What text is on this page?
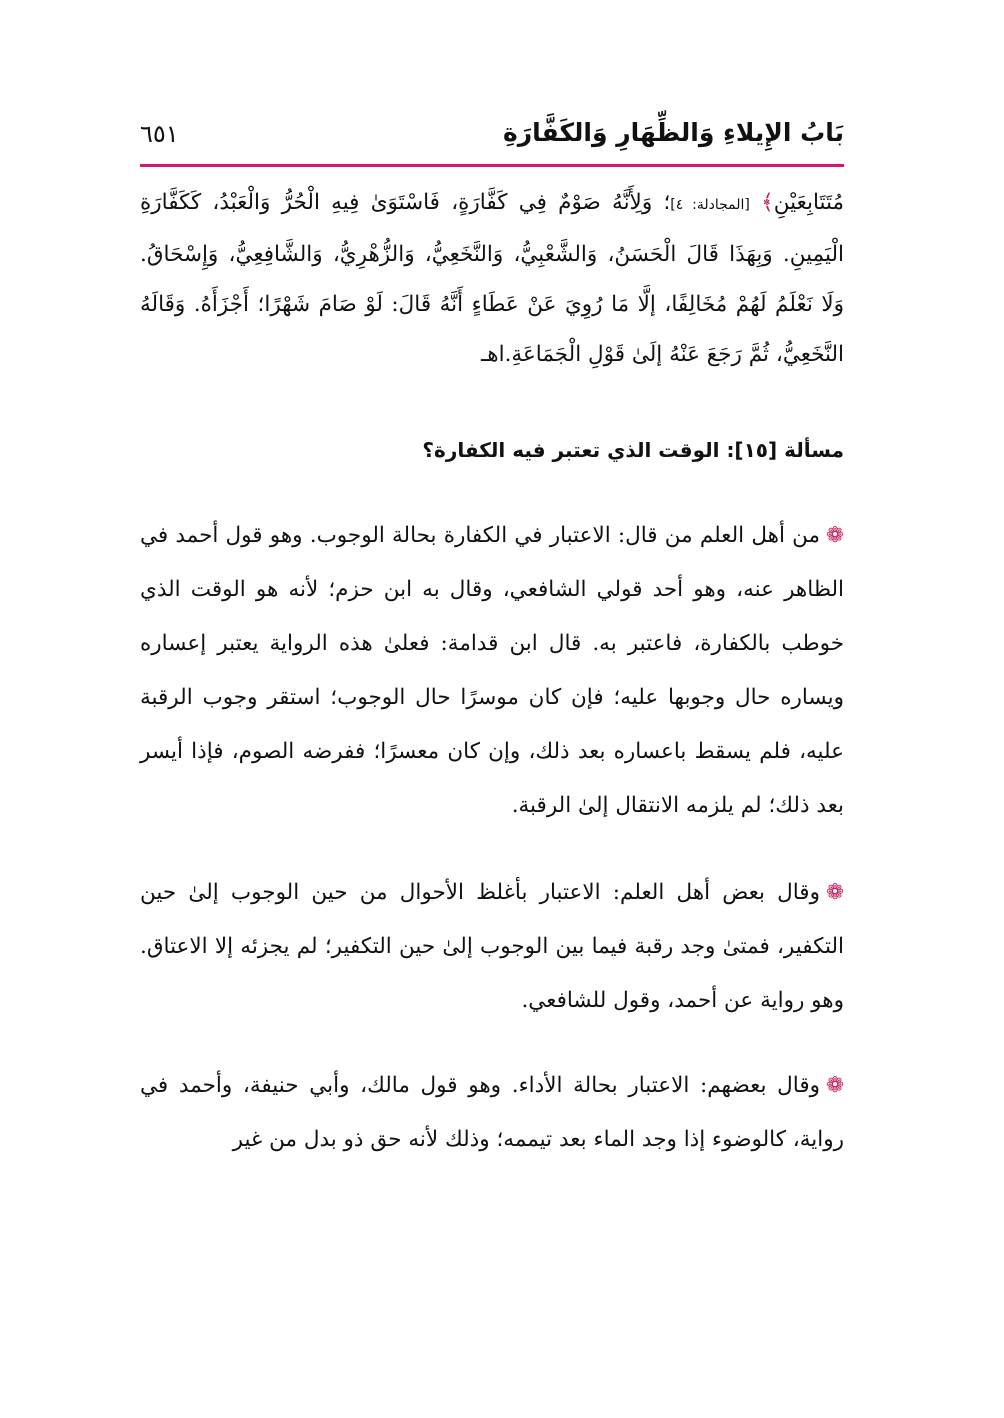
بَابُ الإِيلاءِ وَالظِّهَارِ وَالكَفَّارَةِ
٦٥١
مُتَتَابِعَيْنِ﴾ [المجادلة: ٤]؛ وَلِأَنَّهُ صَوْمٌ فِي كَفَّارَةٍ، فَاسْتَوَىٰ فِيهِ الْحُرُّ وَالْعَبْدُ، كَكَفَّارَةِ الْيَمِينِ. وَبِهَذَا قَالَ الْحَسَنُ، وَالشَّعْبِيُّ، وَالنَّخَعِيُّ، وَالزُّهْرِيُّ، وَالشَّافِعِيُّ، وَإِسْحَاقُ. وَلَا نَعْلَمُ لَهُمْ مُخَالِفًا، إلَّا مَا رُوِيَ عَنْ عَطَاءٍ أَنَّهُ قَالَ: لَوْ صَامَ شَهْرًا؛ أَجْزَأَهُ. وَقَالَهُ النَّخَعِيُّ، ثُمَّ رَجَعَ عَنْهُ إلَىٰ قَوْلِ الْجَمَاعَةِ.اهـ
مسألة [١٥]: الوقت الذي تعتبر فيه الكفارة؟
❁من أهل العلم من قال: الاعتبار في الكفارة بحالة الوجوب. وهو قول أحمد في الظاهر عنه، وهو أحد قولي الشافعي، وقال به ابن حزم؛ لأنه هو الوقت الذي خوطب بالكفارة، فاعتبر به. قال ابن قدامة: فعلىٰ هذه الرواية يعتبر إعساره ويساره حال وجوبها عليه؛ فإن كان موسرًا حال الوجوب؛ استقر وجوب الرقبة عليه، فلم يسقط باعساره بعد ذلك، وإن كان معسرًا؛ ففرضه الصوم، فإذا أيسر بعد ذلك؛ لم يلزمه الانتقال إلىٰ الرقبة.
❁وقال بعض أهل العلم: الاعتبار بأغلظ الأحوال من حين الوجوب إلىٰ حين التكفير، فمتىٰ وجد رقبة فيما بين الوجوب إلىٰ حين التكفير؛ لم يجزئه إلا الاعتاق. وهو رواية عن أحمد، وقول للشافعي.
❁وقال بعضهم: الاعتبار بحالة الأداء. وهو قول مالك، وأبي حنيفة، وأحمد في رواية، كالوضوء إذا وجد الماء بعد تيممه؛ وذلك لأنه حق ذو بدل من غير
